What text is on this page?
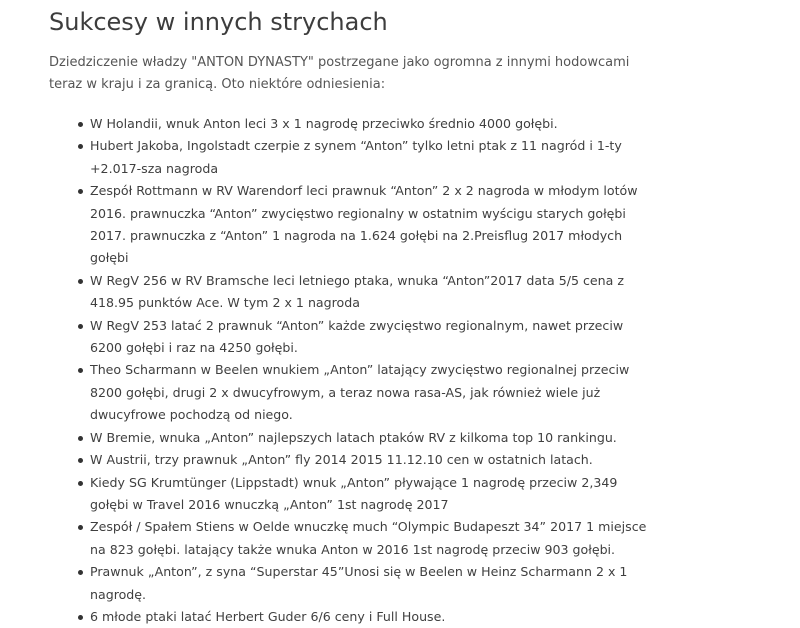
Sukcesy w innych strychach

Dziedziczenie władzy "ANTON DYNASTY" postrzegane jako ogromna z innymi hodowcami teraz w kraju i za granicą. Oto niektóre odniesienia:

W Holandii, wnuk Anton leci 3 x 1 nagrodę przeciwko średnio 4000 gołębi.
Hubert Jakoba, Ingolstadt czerpie z synem “Anton” tylko letni ptak z 11 nagród i 1-ty +2.017-sza nagroda
Zespół Rottmann w RV Warendorf leci prawnuk “Anton” 2 x 2 nagroda w młodym lotów 2016. prawnuczka “Anton” zwycięstwo regionalny w ostatnim wyścigu starych gołębi 2017. prawnuczka z “Anton” 1 nagroda na 1.624 gołębi na 2.Preisflug 2017 młodych gołębi
W RegV 256 w RV Bramsche leci letniego ptaka, wnuka “Anton”2017 data 5/5 cena z 418.95 punktów Ace. W tym 2 x 1 nagroda
W RegV 253 latać 2 prawnuk “Anton” każde zwycięstwo regionalnym, nawet przeciw 6200 gołębi i raz na 4250 gołębi.
Theo Scharmann w Beelen wnukiem „Anton” latający zwycięstwo regionalnej przeciw 8200 gołębi, drugi 2 x dwucyfrowym, a teraz nowa rasa-AS, jak również wiele już dwucyfrowe pochodzą od niego.
W Bremie, wnuka „Anton” najlepszych latach ptaków RV z kilkoma top 10 rankingu.
W Austrii, trzy prawnuk „Anton” fly 2014 2015 11.12.10 cen w ostatnich latach.
Kiedy SG Krumtünger (Lippstadt) wnuk „Anton” pływające 1 nagrodę przeciw 2,349 gołębi w Travel 2016 wnuczką „Anton” 1st nagrodę 2017
Zespół / Spałem Stiens w Oelde wnuczkę much “Olympic Budapeszt 34” 2017 1 miejsce na 823 gołębi. latający także wnuka Anton w 2016 1st nagrodę przeciw 903 gołębi.
Prawnuk „Anton”, z syna “Superstar 45”Unosi się w Beelen w Heinz Scharmann 2 x 1 nagrodę.
6 młode ptaki latać Herbert Guder 6/6 ceny i Full House.
